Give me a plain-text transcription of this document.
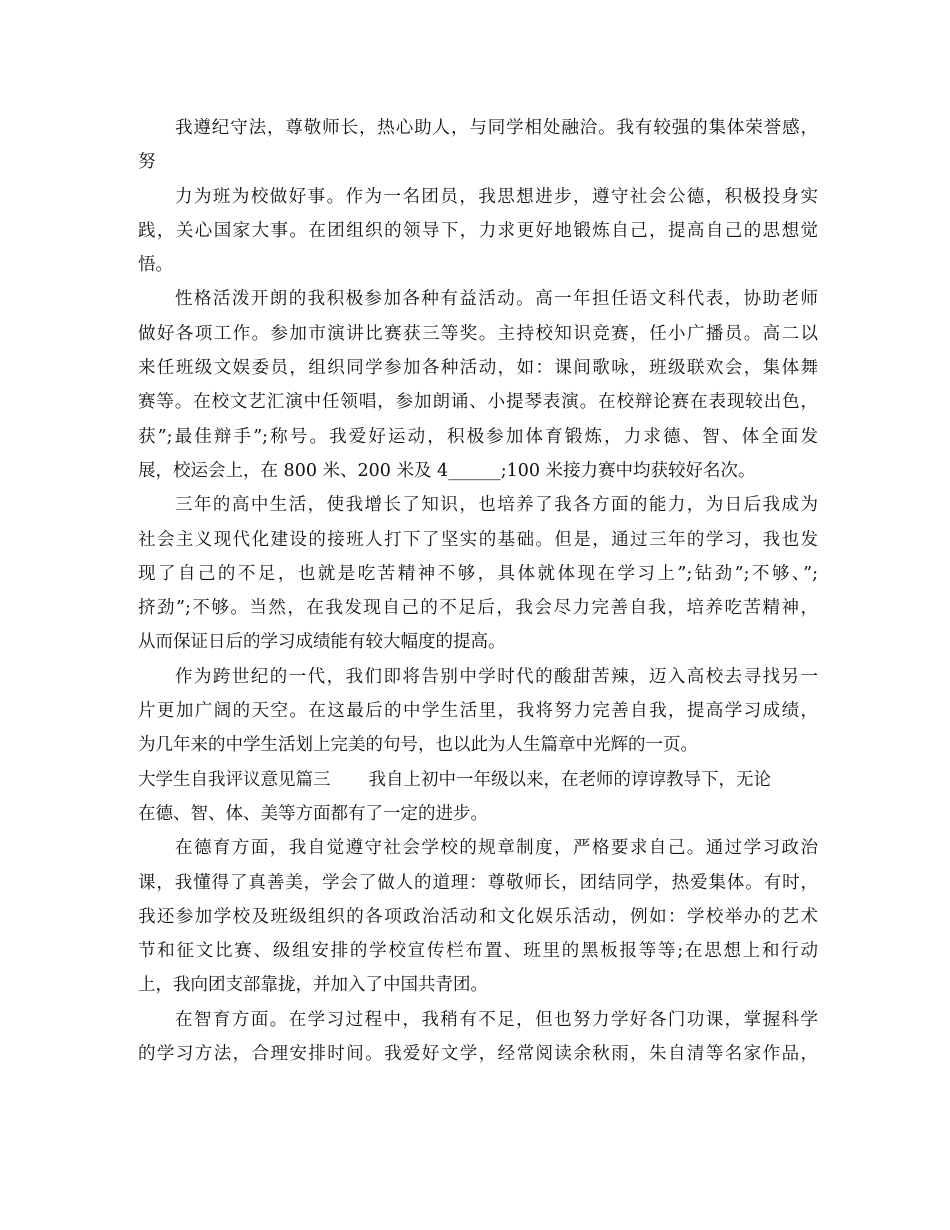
我遵纪守法，尊敬师长，热心助人，与同学相处融洽。我有较强的集体荣誉感，
努
力为班为校做好事。作为一名团员，我思想进步，遵守社会公德，积极投身实
践，关心国家大事。在团组织的领导下，力求更好地锻炼自己，提高自己的思想觉
悟。
性格活泼开朗的我积极参加各种有益活动。高一年担任语文科代表，协助老师
做好各项工作。参加市演讲比赛获三等奖。主持校知识竞赛，任小广播员。高二以
来任班级文娱委员，组织同学参加各种活动，如：课间歌咏，班级联欢会，集体舞
赛等。在校文艺汇演中任领唱，参加朗诵、小提琴表演。在校辩论赛在表现较出色，
获”;最佳辩手”;称号。我爱好运动，积极参加体育锻炼，力求德、智、体全面发
展，校运会上，在 800 米、200 米及 4______;100 米接力赛中均获较好名次。
三年的高中生活，使我增长了知识，也培养了我各方面的能力，为日后我成为
社会主义现代化建设的接班人打下了坚实的基础。但是，通过三年的学习，我也发
现了自己的不足，也就是吃苦精神不够，具体就体现在学习上”;钻劲”;不够、”;
挤劲”;不够。当然，在我发现自己的不足后，我会尽力完善自我，培养吃苦精神，
从而保证日后的学习成绩能有较大幅度的提高。
作为跨世纪的一代，我们即将告别中学时代的酸甜苦辣，迈入高校去寻找另一
片更加广阔的天空。在这最后的中学生活里，我将努力完善自我，提高学习成绩，
为几年来的中学生活划上完美的句号，也以此为人生篇章中光辉的一页。
大学生自我评议意见篇三 我自上初中一年级以来，在老师的谆谆教导下，无论
在德、智、体、美等方面都有了一定的进步。
在德育方面，我自觉遵守社会学校的规章制度，严格要求自己。通过学习政治
课，我懂得了真善美，学会了做人的道理：尊敬师长，团结同学，热爱集体。有时，
我还参加学校及班级组织的各项政治活动和文化娱乐活动，例如：学校举办的艺术
节和征文比赛、级组安排的学校宣传栏布置、班里的黑板报等等;在思想上和行动
上，我向团支部靠拢，并加入了中国共青团。
在智育方面。在学习过程中，我稍有不足，但也努力学好各门功课，掌握科学
的学习方法，合理安排时间。我爱好文学，经常阅读余秋雨，朱自清等名家作品，
